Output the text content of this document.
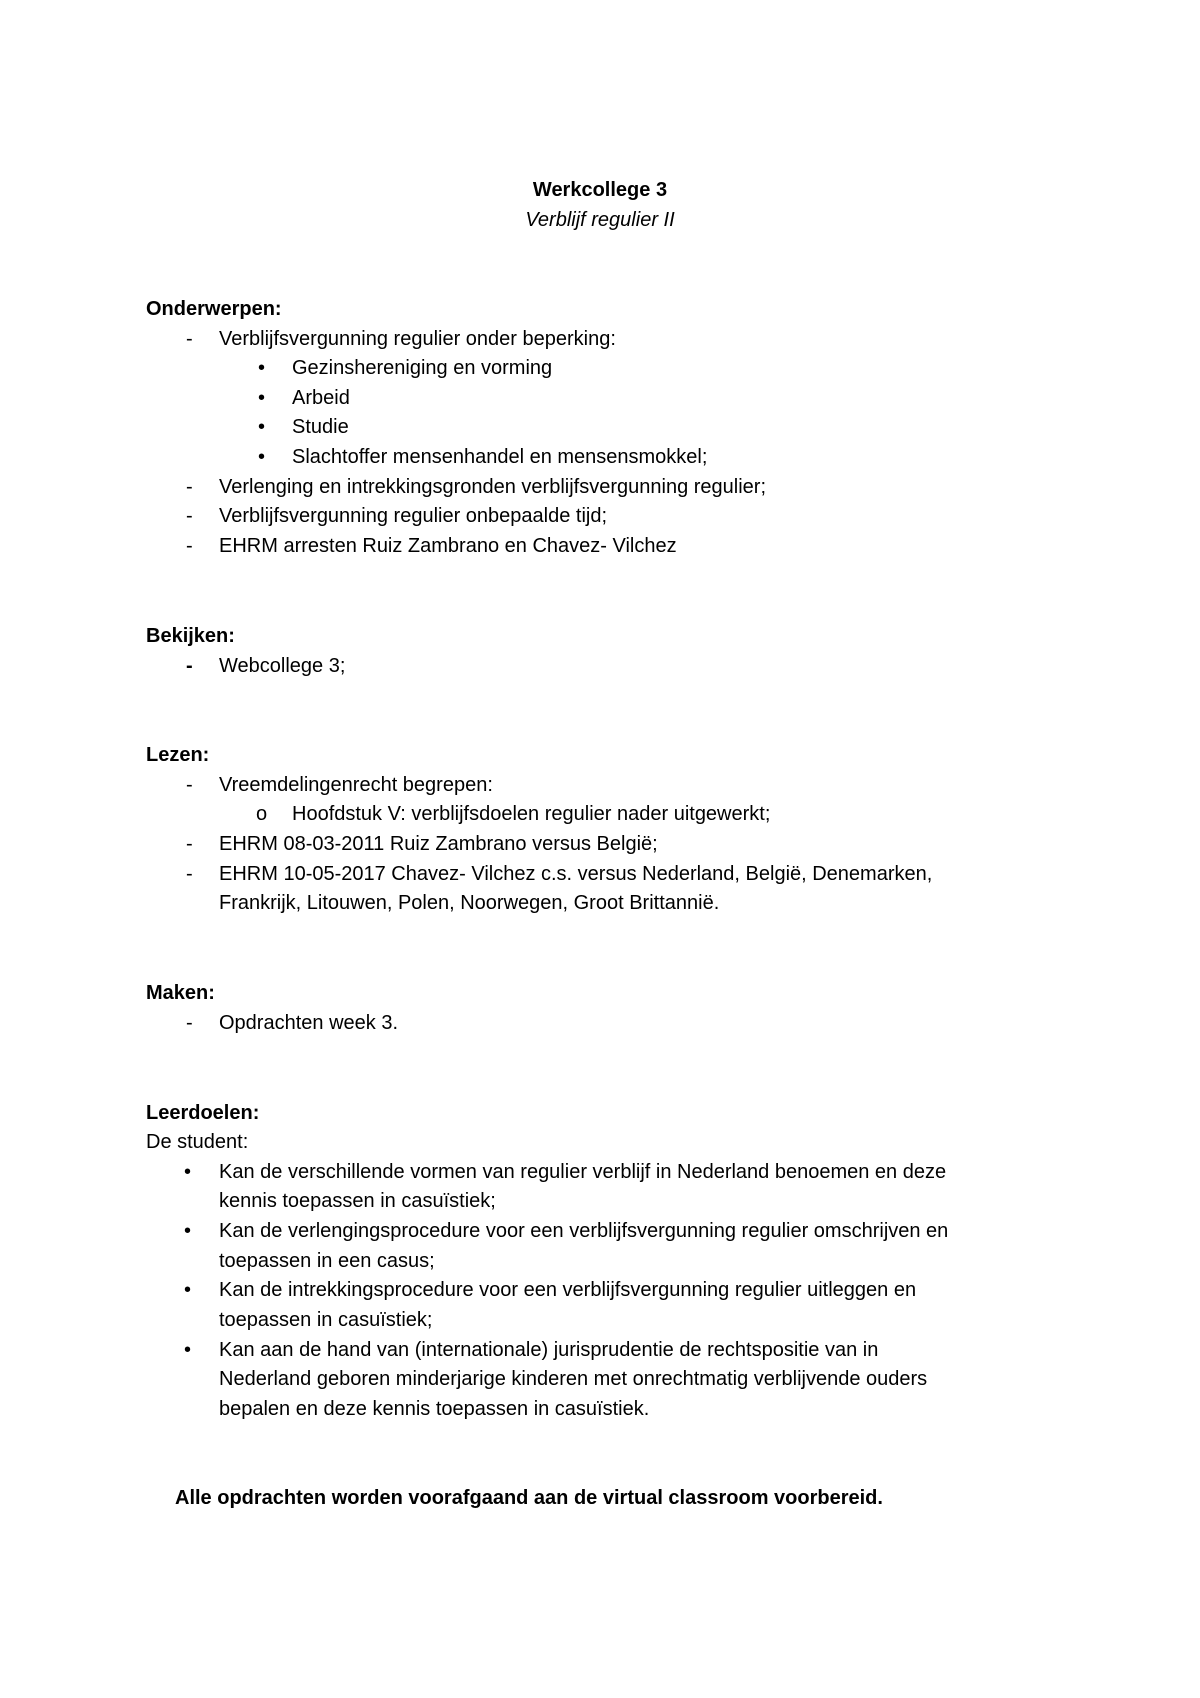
Werkcollege 3
Verblijf regulier II
Onderwerpen:
- Verblijfsvergunning regulier onder beperking:
• Gezinshereniging en vorming
• Arbeid
• Studie
• Slachtoffer mensenhandel en mensensmokkel;
- Verlenging en intrekkingsgronden verblijfsvergunning regulier;
- Verblijfsvergunning regulier onbepaalde tijd;
- EHRM arresten Ruiz Zambrano en Chavez- Vilchez
Bekijken:
- Webcollege 3;
Lezen:
- Vreemdelingenrecht begrepen:
o Hoofdstuk V: verblijfsdoelen regulier nader uitgewerkt;
- EHRM 08-03-2011 Ruiz Zambrano versus België;
- EHRM 10-05-2017 Chavez- Vilchez c.s. versus Nederland, België, Denemarken,
Frankrijk, Litouwen, Polen, Noorwegen, Groot Brittannië.
Maken:
- Opdrachten week 3.
Leerdoelen:
De student:
• Kan de verschillende vormen van regulier verblijf in Nederland benoemen en deze
kennis toepassen in casuïstiek;
• Kan de verlengingsprocedure voor een verblijfsvergunning regulier omschrijven en
toepassen in een casus;
• Kan de intrekkingsprocedure voor een verblijfsvergunning regulier uitleggen en
toepassen in casuïstiek;
• Kan aan de hand van (internationale) jurisprudentie de rechtspositie van in
Nederland geboren minderjarige kinderen met onrechtmatig verblijvende ouders
bepalen en deze kennis toepassen in casuïstiek.
Alle opdrachten worden voorafgaand aan de virtual classroom voorbereid.
